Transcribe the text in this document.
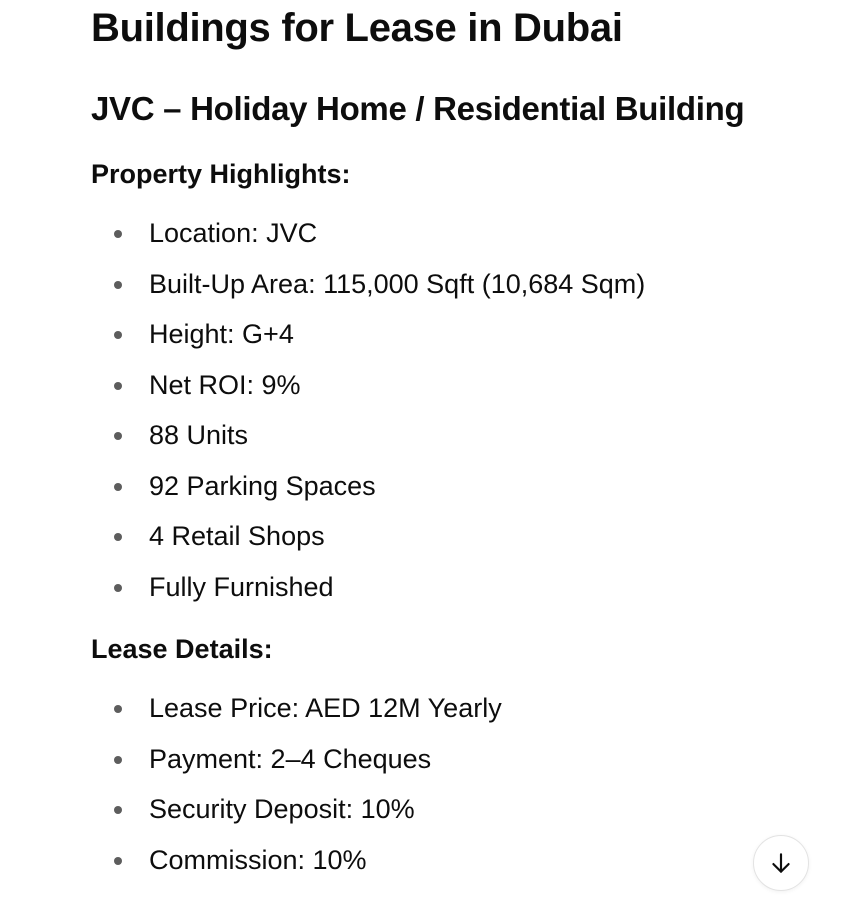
Buildings for Lease in Dubai
JVC – Holiday Home / Residential Building
Property Highlights:
Location: JVC
Built-Up Area: 115,000 Sqft (10,684 Sqm)
Height: G+4
Net ROI: 9%
88 Units
92 Parking Spaces
4 Retail Shops
Fully Furnished
Lease Details:
Lease Price: AED 12M Yearly
Payment: 2–4 Cheques
Security Deposit: 10%
Commission: 10%
